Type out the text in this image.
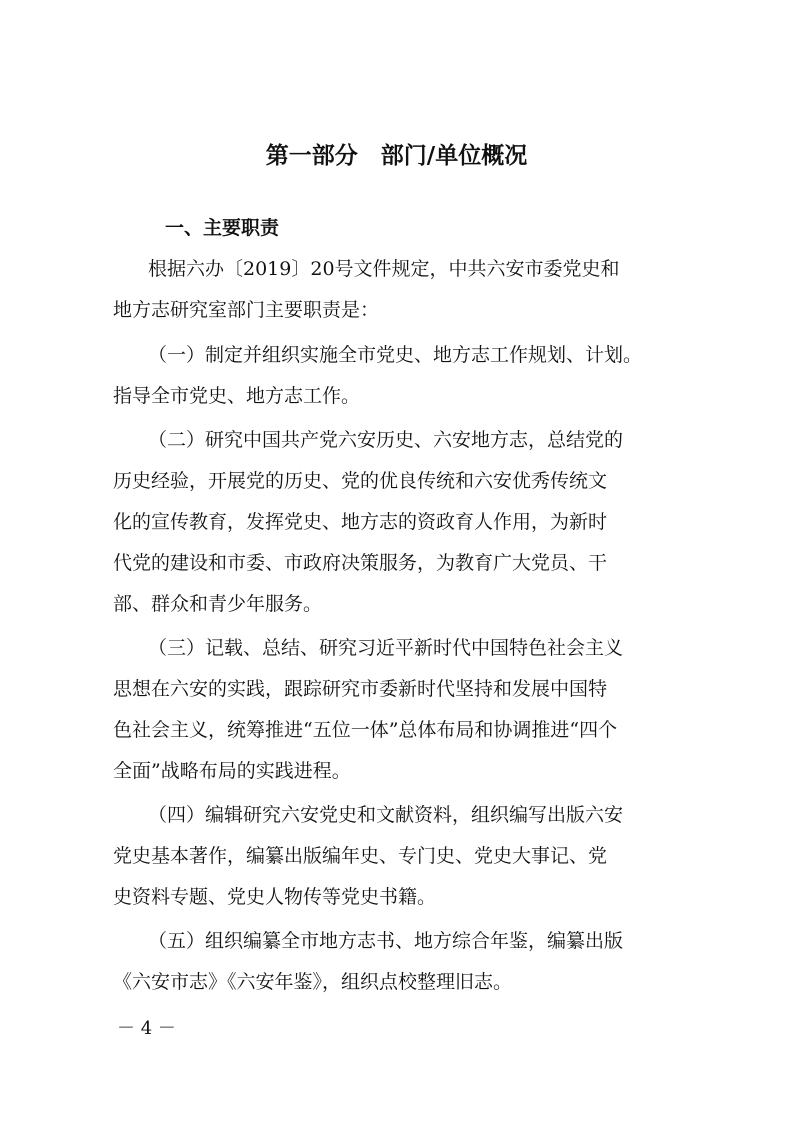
第一部分　部门/单位概况
一、主要职责
根据六办〔2019〕20号文件规定，中共六安市委党史和
地方志研究室部门主要职责是：
（一）制定并组织实施全市党史、地方志工作规划、计划。
指导全市党史、地方志工作。
（二）研究中国共产党六安历史、六安地方志，总结党的
历史经验，开展党的历史、党的优良传统和六安优秀传统文
化的宣传教育，发挥党史、地方志的资政育人作用，为新时
代党的建设和市委、市政府决策服务，为教育广大党员、干
部、群众和青少年服务。
（三）记载、总结、研究习近平新时代中国特色社会主义
思想在六安的实践，跟踪研究市委新时代坚持和发展中国特
色社会主义，统筹推进“五位一体”总体布局和协调推进“四个
全面”战略布局的实践进程。
（四）编辑研究六安党史和文献资料，组织编写出版六安
党史基本著作，编纂出版编年史、专门史、党史大事记、党
史资料专题、党史人物传等党史书籍。
（五）组织编纂全市地方志书、地方综合年鉴，编纂出版
《六安市志》《六安年鉴》，组织点校整理旧志。
－ 4 －
